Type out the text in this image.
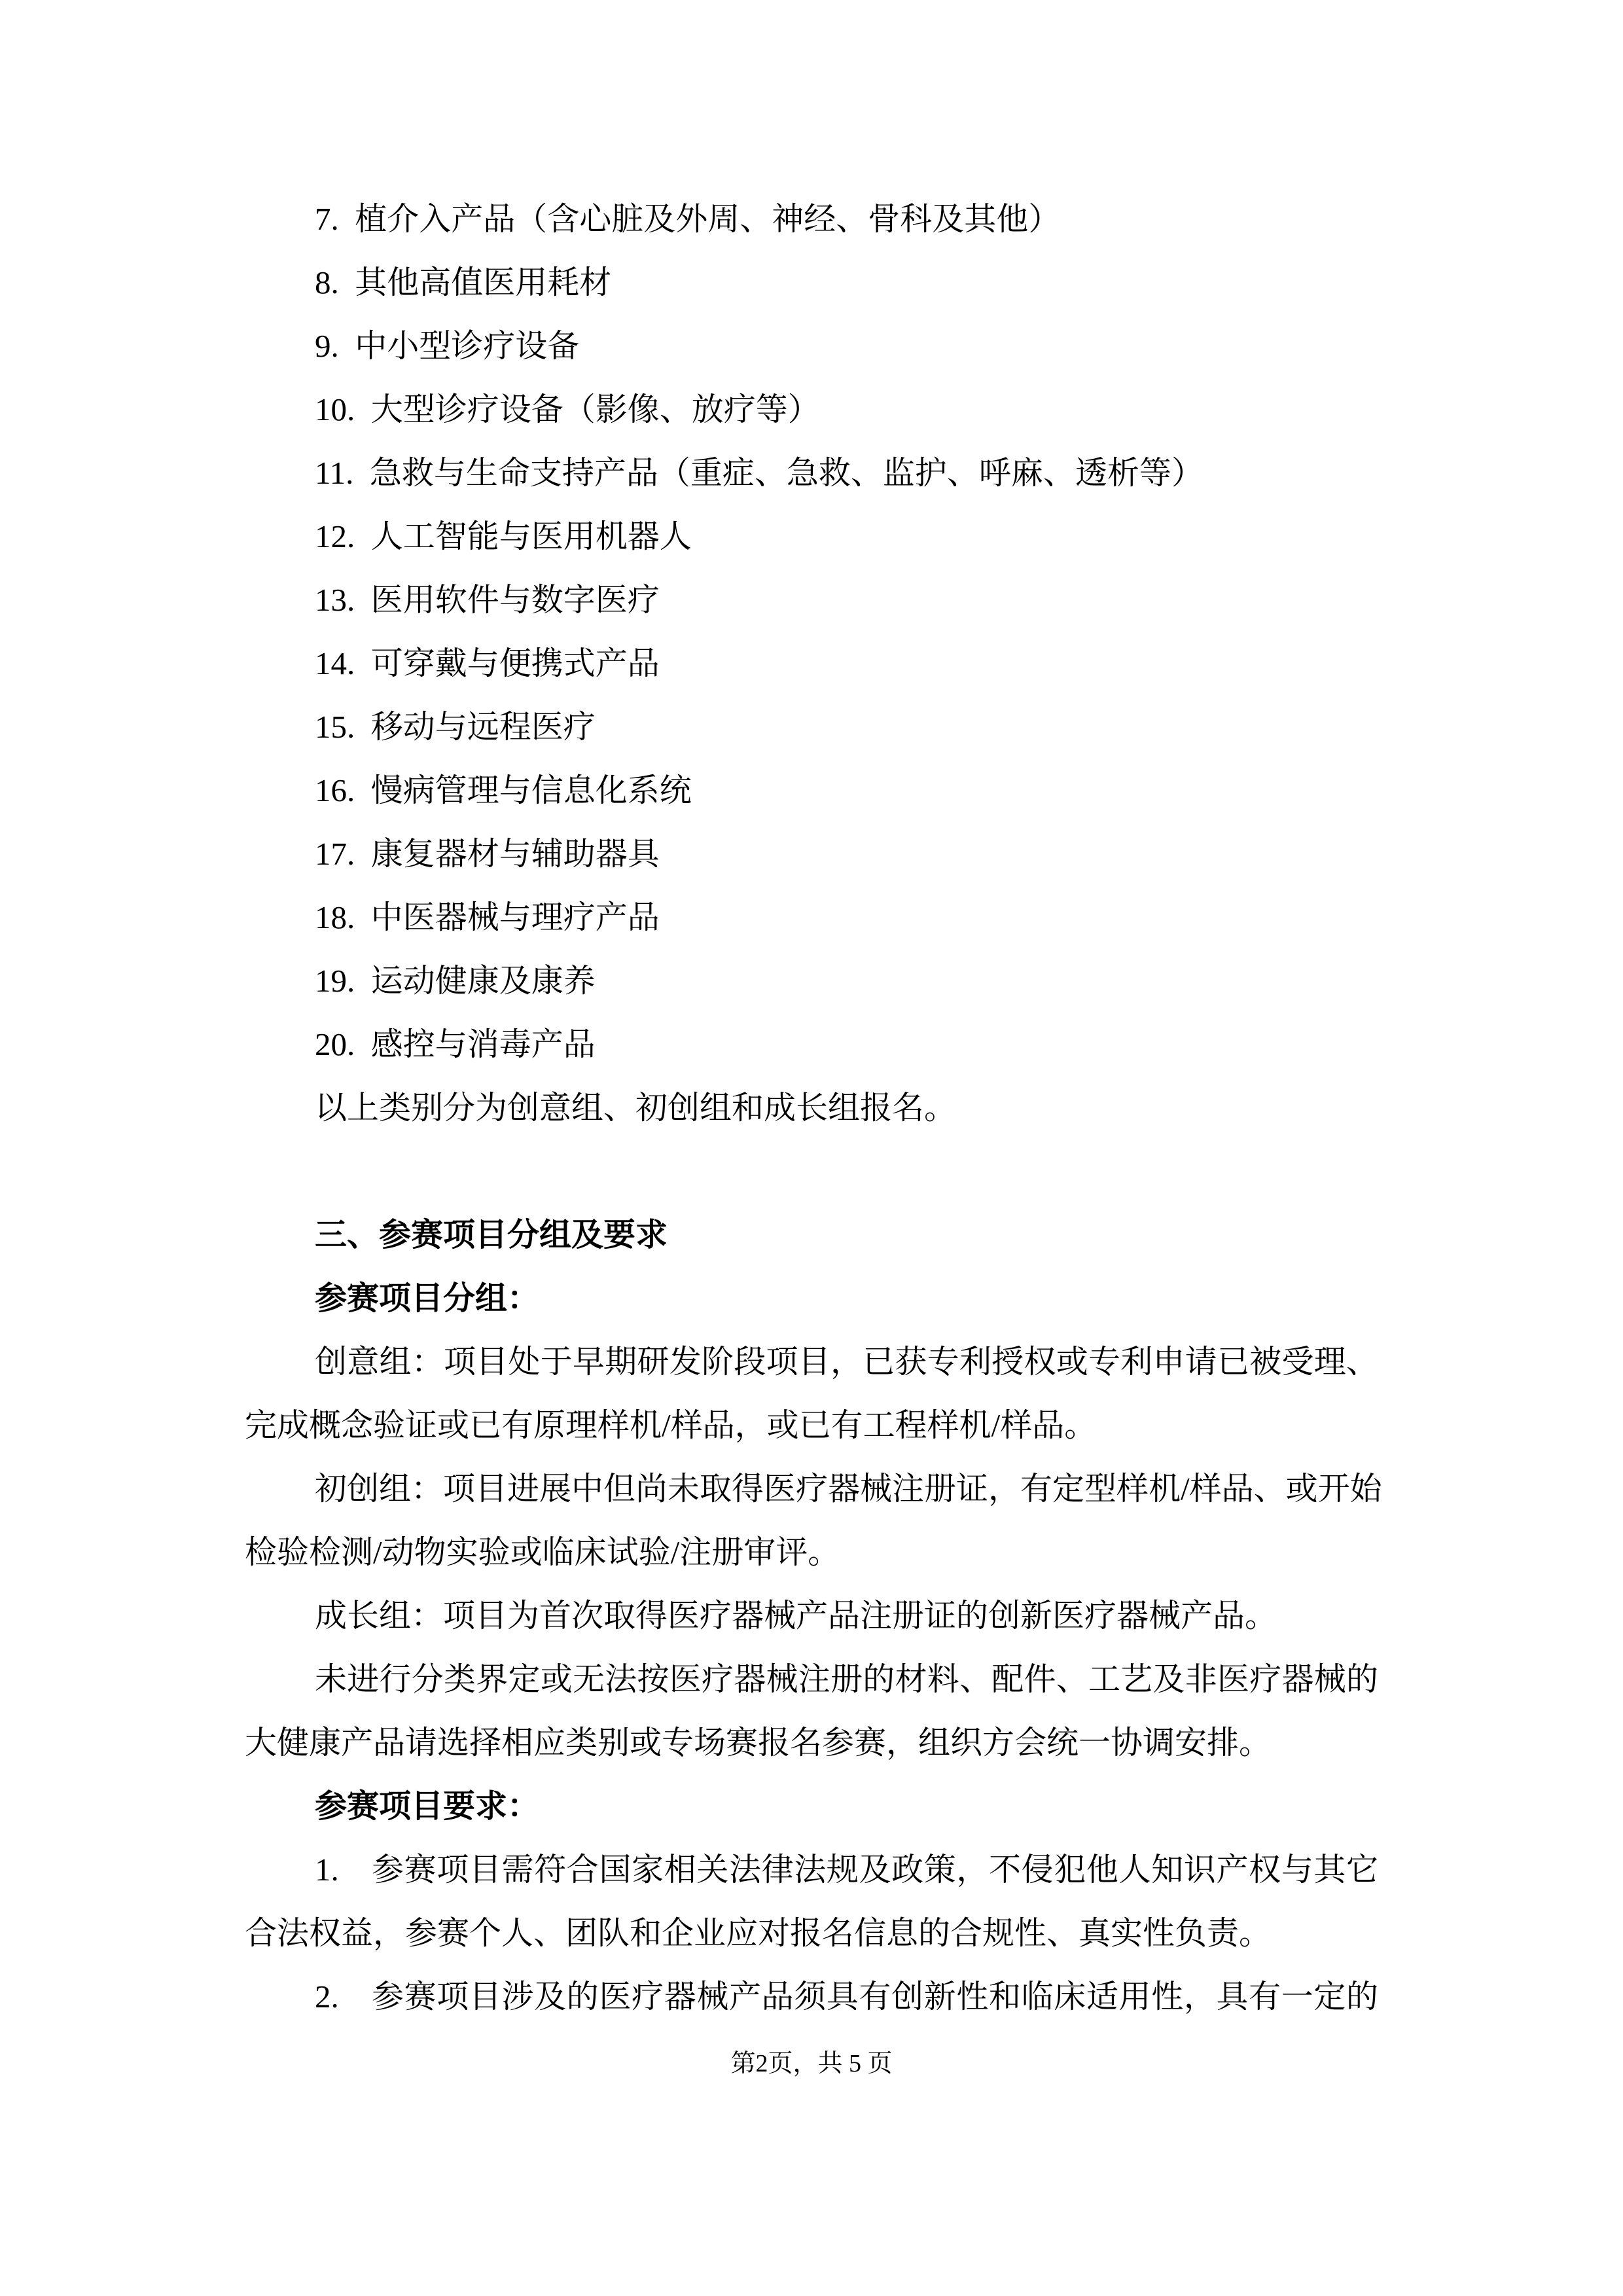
7.  植介入产品（含心脏及外周、神经、骨科及其他）
8.  其他高值医用耗材
9.  中小型诊疗设备
10.  大型诊疗设备（影像、放疗等）
11.  急救与生命支持产品（重症、急救、监护、呼麻、透析等）
12.  人工智能与医用机器人
13.  医用软件与数字医疗
14.  可穿戴与便携式产品
15.  移动与远程医疗
16.  慢病管理与信息化系统
17.  康复器材与辅助器具
18.  中医器械与理疗产品
19.  运动健康及康养
20.  感控与消毒产品
以上类别分为创意组、初创组和成长组报名。
三、参赛项目分组及要求
参赛项目分组：
创意组：项目处于早期研发阶段项目，已获专利授权或专利申请已被受理、
完成概念验证或已有原理样机/样品，或已有工程样机/样品。
初创组：项目进展中但尚未取得医疗器械注册证，有定型样机/样品、或开始
检验检测/动物实验或临床试验/注册审评。
成长组：项目为首次取得医疗器械产品注册证的创新医疗器械产品。
未进行分类界定或无法按医疗器械注册的材料、配件、工艺及非医疗器械的
大健康产品请选择相应类别或专场赛报名参赛，组织方会统一协调安排。
参赛项目要求：
1.　参赛项目需符合国家相关法律法规及政策，不侵犯他人知识产权与其它
合法权益，参赛个人、团队和企业应对报名信息的合规性、真实性负责。
2.　参赛项目涉及的医疗器械产品须具有创新性和临床适用性，具有一定的
第2页，共 5 页
